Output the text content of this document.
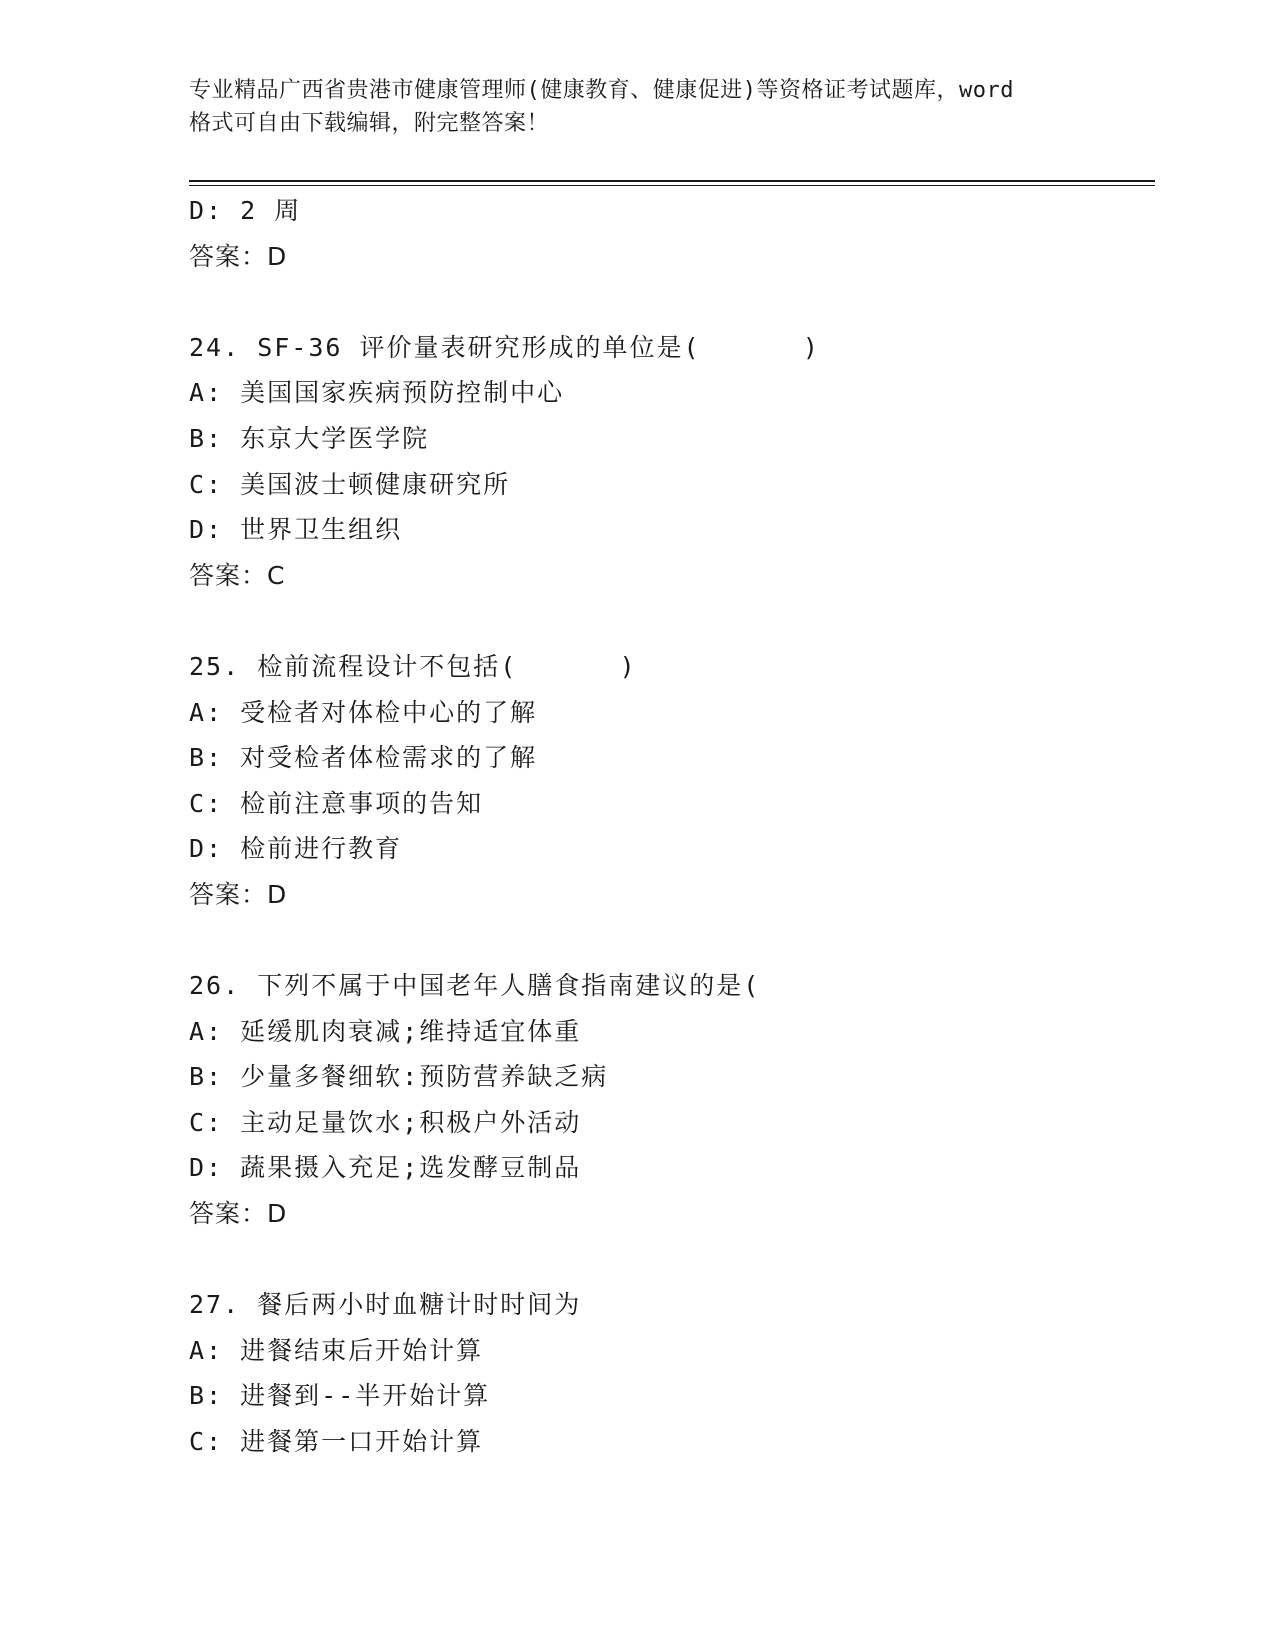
专业精品广西省贵港市健康管理师(健康教育、健康促进)等资格证考试题库，word
格式可自由下载编辑，附完整答案！
D: 2 周
答案：D
24. SF-36 评价量表研究形成的单位是(      )
A: 美国国家疾病预防控制中心
B: 东京大学医学院
C: 美国波士顿健康研究所
D: 世界卫生组织
答案：C
25. 检前流程设计不包括(      )
A: 受检者对体检中心的了解
B: 对受检者体检需求的了解
C: 检前注意事项的告知
D: 检前进行教育
答案：D
26. 下列不属于中国老年人膳食指南建议的是(
A: 延缓肌肉衰减;维持适宜体重
B: 少量多餐细软:预防营养缺乏病
C: 主动足量饮水;积极户外活动
D: 蔬果摄入充足;选发酵豆制品
答案：D
27. 餐后两小时血糖计时时间为
A: 进餐结束后开始计算
B: 进餐到--半开始计算
C: 进餐第一口开始计算
